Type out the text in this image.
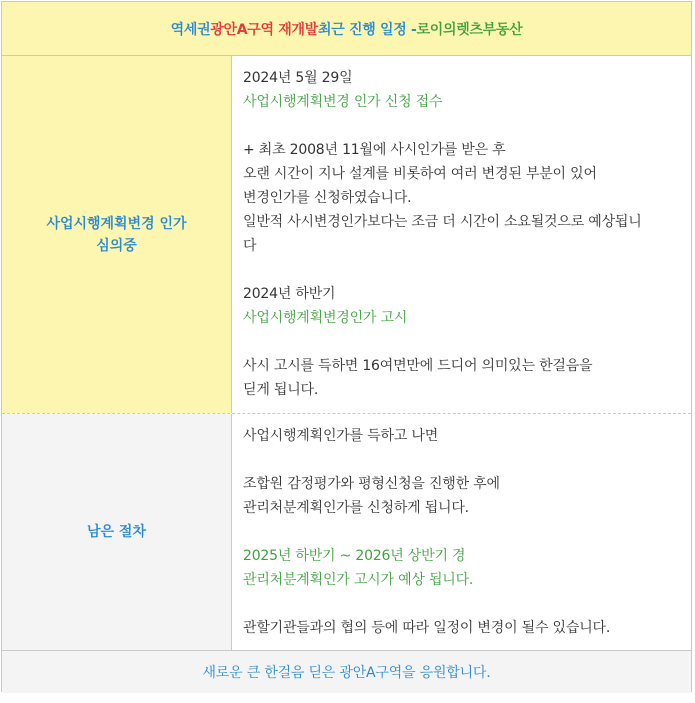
역세권 광안A구역 재개발 최근 진행 일정 - 로이의렛츠부동산
사업시행계획변경 인가
심의중

2024년 5월 29일

사업시행계획변경 인가 신청 접수

+ 최초 2008년 11월에 사시인가를 받은 후

오랜 시간이 지나 설계를 비롯하여 여러 변경된 부분이 있어

변경인가를 신청하였습니다.

일반적 사시변경인가보다는 조금 더 시간이 소요될것으로 예상됩니

다

2024년 하반기

사업시행계획변경인가 고시

사시 고시를 득하면 16여면만에 드디어 의미있는 한걸음을

딛게 됩니다.

남은 절차

사업시행계획인가를 득하고 나면

조합원 감정평가와 평형신청을 진행한 후에

관리처분계획인가를 신청하게 됩니다.

2025년 하반기 ~ 2026년 상반기 경

관리처분계획인가 고시가 예상 됩니다.

관할기관들과의 협의 등에 따라 일정이 변경이 될수 있습니다.

새로운 큰 한걸음 딛은 광안A구역을 응원합니다.
